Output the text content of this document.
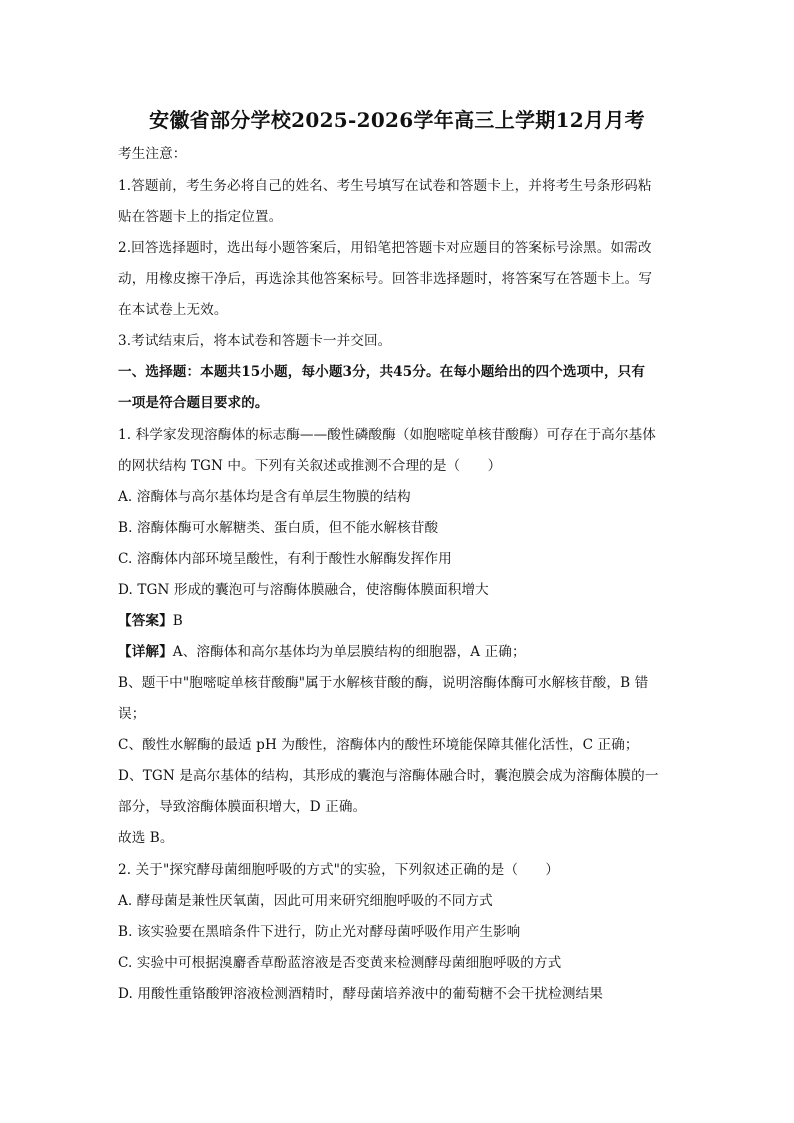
安徽省部分学校2025-2026学年高三上学期12月月考
考生注意：
1.答题前，考生务必将自己的姓名、考生号填写在试卷和答题卡上，并将考生号条形码粘
贴在答题卡上的指定位置。
2.回答选择题时，选出每小题答案后，用铅笔把答题卡对应题目的答案标号涂黑。如需改
动，用橡皮擦干净后，再选涂其他答案标号。回答非选择题时，将答案写在答题卡上。写
在本试卷上无效。
3.考试结束后，将本试卷和答题卡一并交回。
一、选择题：本题共15小题，每小题3分，共45分。在每小题给出的四个选项中，只有
一项是符合题目要求的。
1. 科学家发现溶酶体的标志酶——酸性磷酸酶（如胞嘧啶单核苷酸酶）可存在于高尔基体
的网状结构 TGN 中。下列有关叙述或推测不合理的是（　　）
A. 溶酶体与高尔基体均是含有单层生物膜的结构
B. 溶酶体酶可水解糖类、蛋白质，但不能水解核苷酸
C. 溶酶体内部环境呈酸性，有利于酸性水解酶发挥作用
D. TGN 形成的囊泡可与溶酶体膜融合，使溶酶体膜面积增大
【答案】B
【详解】A、溶酶体和高尔基体均为单层膜结构的细胞器，A 正确；
B、题干中"胞嘧啶单核苷酸酶"属于水解核苷酸的酶，说明溶酶体酶可水解核苷酸，B 错
误；
C、酸性水解酶的最适 pH 为酸性，溶酶体内的酸性环境能保障其催化活性，C 正确；
D、TGN 是高尔基体的结构，其形成的囊泡与溶酶体融合时，囊泡膜会成为溶酶体膜的一
部分，导致溶酶体膜面积增大，D 正确。
故选 B。
2. 关于"探究酵母菌细胞呼吸的方式"的实验，下列叙述正确的是（　　）
A. 酵母菌是兼性厌氧菌，因此可用来研究细胞呼吸的不同方式
B. 该实验要在黑暗条件下进行，防止光对酵母菌呼吸作用产生影响
C. 实验中可根据溴麝香草酚蓝溶液是否变黄来检测酵母菌细胞呼吸的方式
D. 用酸性重铬酸钾溶液检测酒精时，酵母菌培养液中的葡萄糖不会干扰检测结果
